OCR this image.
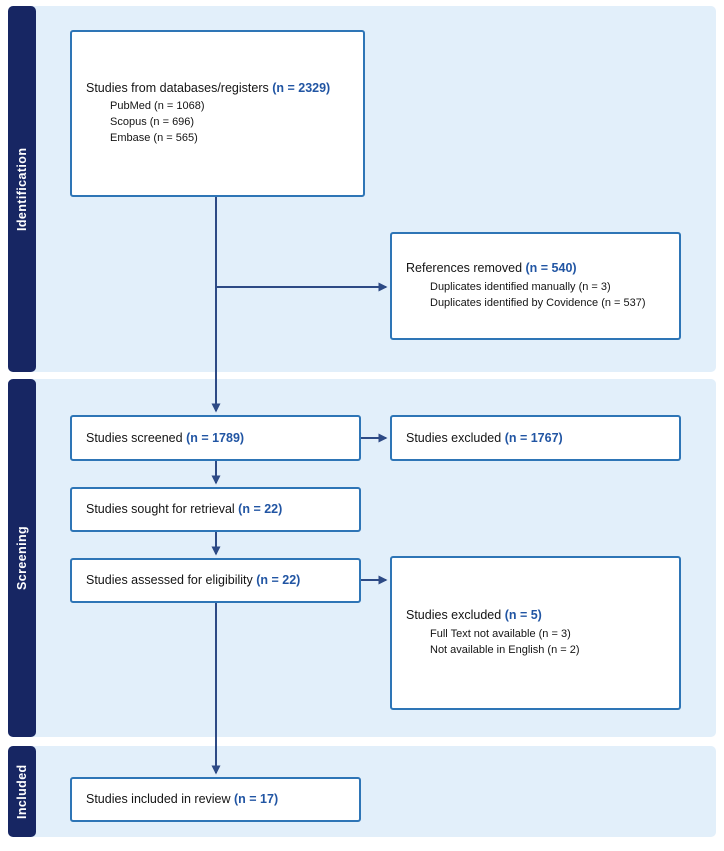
Identification
Screening
Included
Studies from databases/registers (n = 2329)
PubMed (n = 1068)
Scopus (n = 696)
Embase (n = 565)
References removed (n = 540)
Duplicates identified manually (n = 3)
Duplicates identified by Covidence (n = 537)
Studies screened (n = 1789)	Studies excluded (n = 1767)
Studies sought for retrieval (n = 22)
Studies assessed for eligibility (n = 22)
Studies excluded (n = 5)
Full Text not available (n = 3)
Not available in English (n = 2)
Studies included in review (n = 17)
